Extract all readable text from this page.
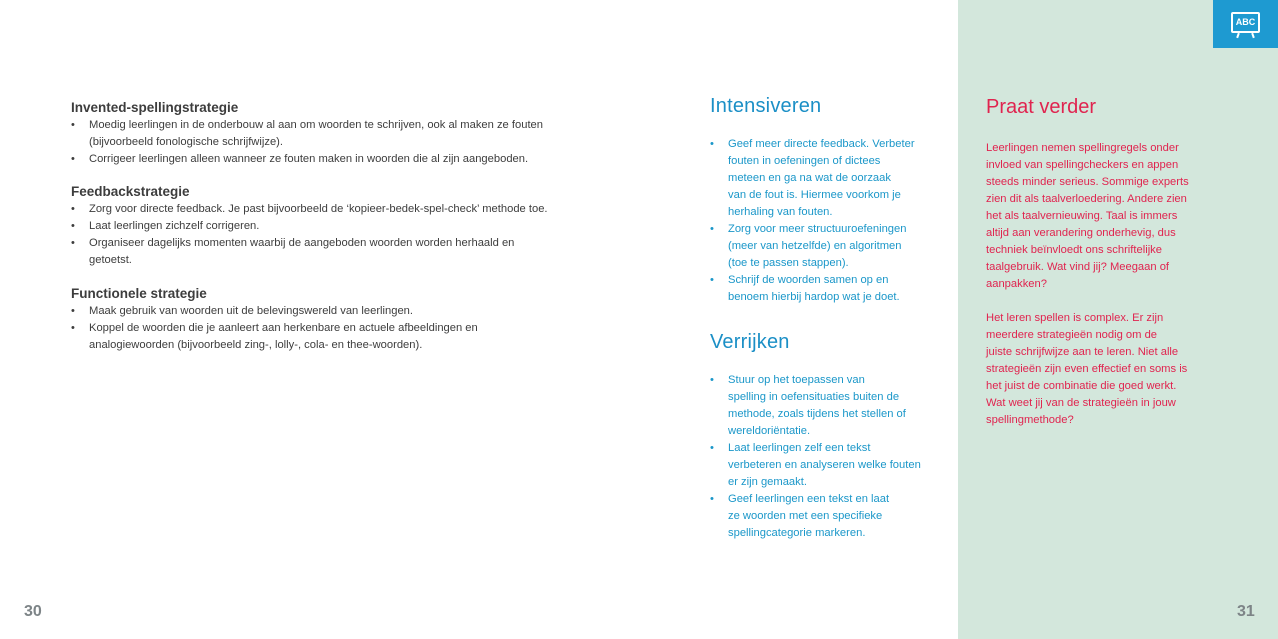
Invented-spellingstrategie
• Moedig leerlingen in de onderbouw al aan om woorden te schrijven, ook al maken ze fouten
(bijvoorbeeld fonologische schrijfwijze).
• Corrigeer leerlingen alleen wanneer ze fouten maken in woorden die al zijn aangeboden.
Feedbackstrategie
• Zorg voor directe feedback. Je past bijvoorbeeld de ‘kopieer-bedek-spel-check’ methode toe.
• Laat leerlingen zichzelf corrigeren.
• Organiseer dagelijks momenten waarbij de aangeboden woorden worden herhaald en
getoetst.
Functionele strategie
• Maak gebruik van woorden uit de belevingswereld van leerlingen.
• Koppel de woorden die je aanleert aan herkenbare en actuele afbeeldingen en
analogiewoorden (bijvoorbeeld zing-, lolly-, cola- en thee-woorden).
30
Intensiveren
• Geef meer directe feedback. Verbeter
fouten in oefeningen of dictees
meteen en ga na wat de oorzaak
van de fout is. Hiermee voorkom je
herhaling van fouten.
• Zorg voor meer structuuroefeningen
(meer van hetzelfde) en algoritmen
(toe te passen stappen).
• Schrijf de woorden samen op en
benoem hierbij hardop wat je doet.
Verrijken
• Stuur op het toepassen van
spelling in oefensituaties buiten de
methode, zoals tijdens het stellen of
wereldoriëntatie.
• Laat leerlingen zelf een tekst
verbeteren en analyseren welke fouten
er zijn gemaakt.
• Geef leerlingen een tekst en laat
ze woorden met een specifieke
spellingcategorie markeren.
ABC
Praat verder

Leerlingen nemen spellingregels onder
invloed van spellingcheckers en appen
steeds minder serieus. Sommige experts
zien dit als taalverloedering. Andere zien
het als taalvernieuwing. Taal is immers
altijd aan verandering onderhevig, dus
techniek beïnvloedt ons schriftelijke
taalgebruik. Wat vind jij? Meegaan of
aanpakken?

Het leren spellen is complex. Er zijn
meerdere strategieën nodig om de
juiste schrijfwijze aan te leren. Niet alle
strategieën zijn even effectief en soms is
het juist de combinatie die goed werkt.
Wat weet jij van de strategieën in jouw
spellingmethode?

31
